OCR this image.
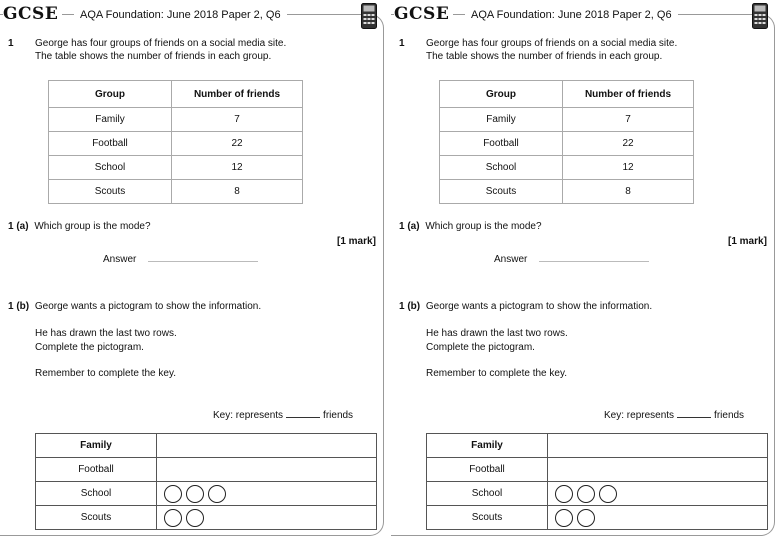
GCSE	AQA Foundation: June 2018 Paper 2, Q6
1 George has four groups of friends on a social media site.
The table shows the number of friends in each group.
Group	Number of friends
Family	7
Football	22
School	12
Scouts	8
1 (a) Which group is the mode?
[1 mark]
Answer
1 (b) George wants a pictogram to show the information.
He has drawn the last two rows.
Complete the pictogram.
Remember to complete the key.
Key: represents	friends
Family	
Football	
School	
Scouts	
GCSE	AQA Foundation: June 2018 Paper 2, Q6
1 George has four groups of friends on a social media site.
The table shows the number of friends in each group.
Group	Number of friends
Family	7
Football	22
School	12
Scouts	8
1 (a) Which group is the mode?
[1 mark]
Answer
1 (b) George wants a pictogram to show the information.
He has drawn the last two rows.
Complete the pictogram.
Remember to complete the key.
Key: represents	friends
Family	
Football	
School	
Scouts	
